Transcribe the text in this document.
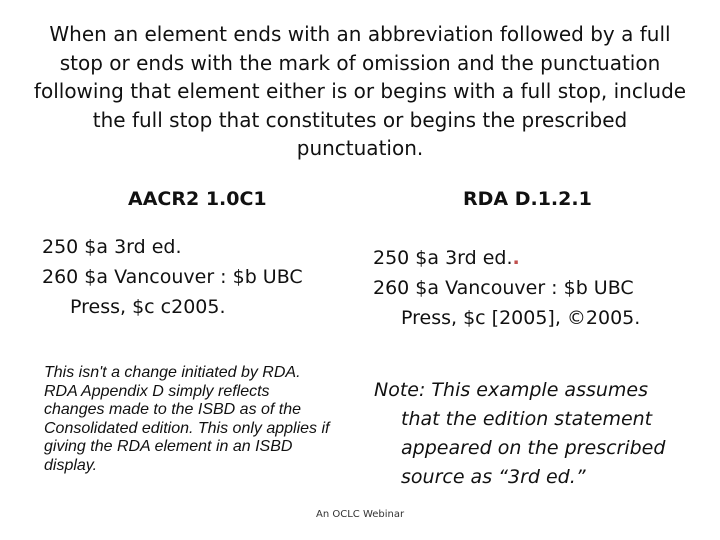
When an element ends with an abbreviation followed by a full stop or ends with the mark of omission and the punctuation following that element either is or begins with a full stop, include the full stop that constitutes or begins the prescribed punctuation.
AACR2 1.0C1	RDA D.1.2.1
250 $a 3rd ed.
260 $a Vancouver : $b UBC
Press, $c c2005.
250 $a 3rd ed..
260 $a Vancouver : $b UBC
Press, $c [2005], ©2005.
This isn't a change initiated by RDA. RDA Appendix D simply reflects changes made to the ISBD as of the Consolidated edition. This only applies if giving the RDA element in an ISBD display.
Note: This example assumes
that the edition statement
appeared on the prescribed
source as “3rd ed.”
An OCLC Webinar
